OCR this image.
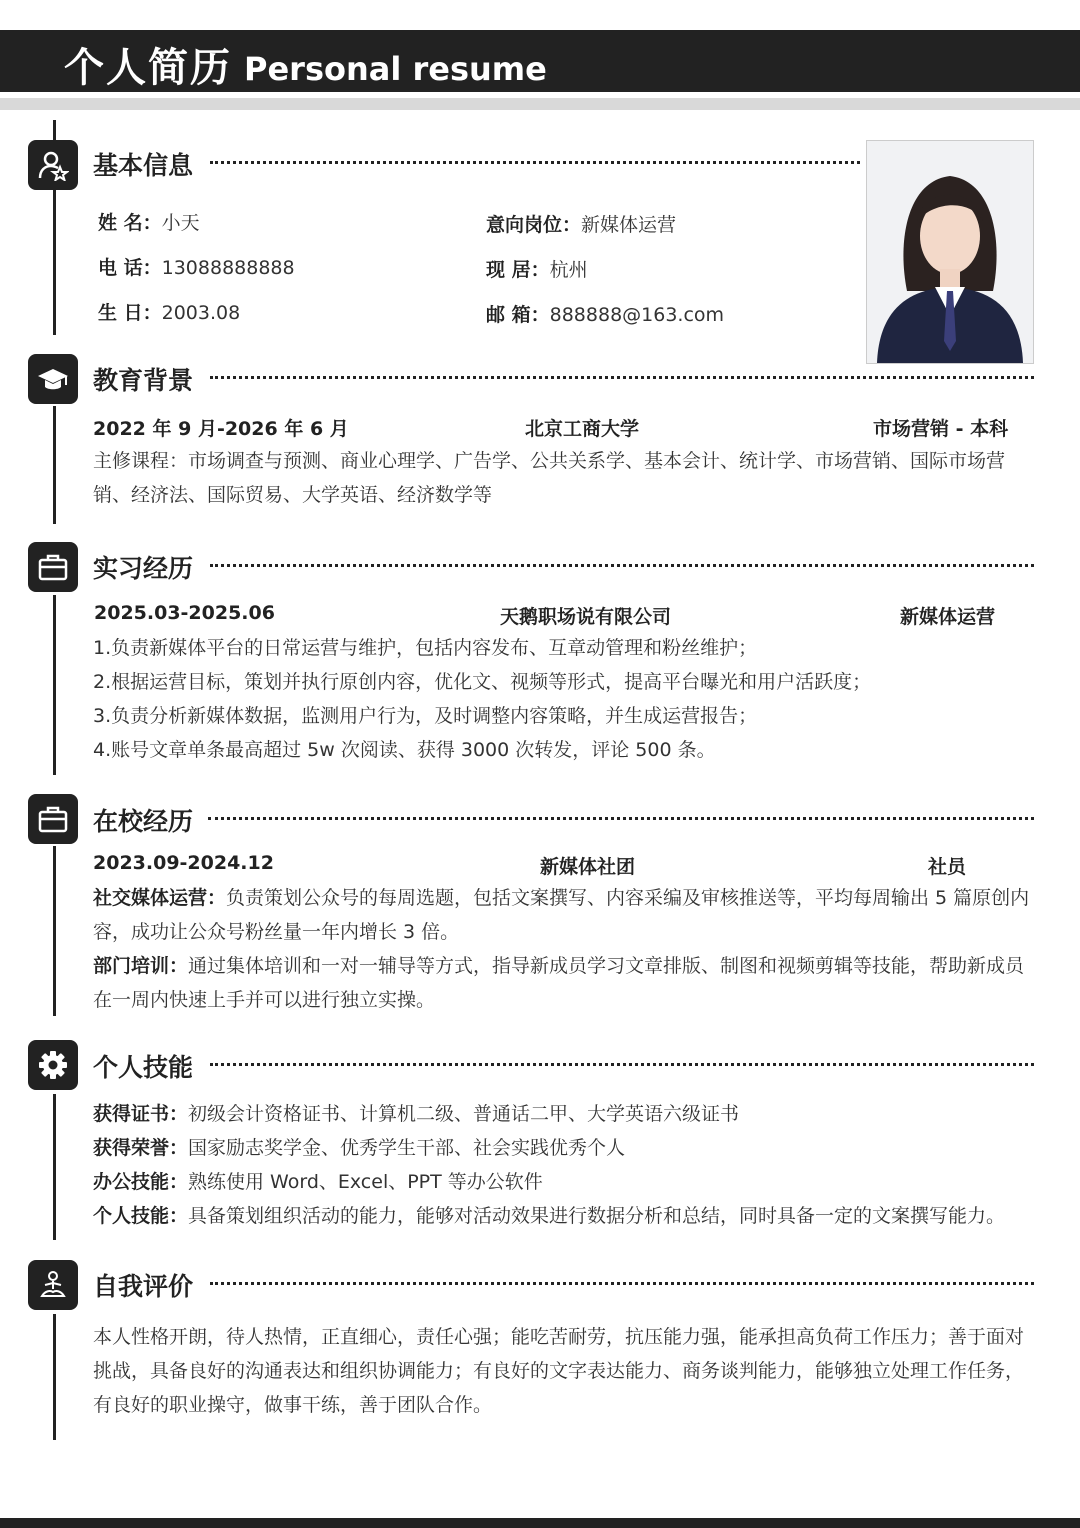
个人简历 Personal resume
基本信息
姓 名：小天
电 话：13088888888
生 日：2003.08
意向岗位：新媒体运营
现 居：杭州
邮 箱：888888@163.com
教育背景
2022 年 9 月-2026 年 6 月	北京工商大学	市场营销 - 本科
主修课程：市场调查与预测、商业心理学、广告学、公共关系学、基本会计、统计学、市场营销、国际市场营销、经济法、国际贸易、大学英语、经济数学等
实习经历
2025.03-2025.06	天鹅职场说有限公司	新媒体运营
1.负责新媒体平台的日常运营与维护，包括内容发布、互章动管理和粉丝维护；
2.根据运营目标，策划并执行原创内容，优化文、视频等形式，提高平台曝光和用户活跃度；
3.负责分析新媒体数据，监测用户行为，及时调整内容策略，并生成运营报告；
4.账号文章单条最高超过 5w 次阅读、获得 3000 次转发，评论 500 条。
在校经历
2023.09-2024.12	新媒体社团	社员
社交媒体运营：负责策划公众号的每周选题，包括文案撰写、内容采编及审核推送等，平均每周输出 5 篇原创内容，成功让公众号粉丝量一年内增长 3 倍。
部门培训：通过集体培训和一对一辅导等方式，指导新成员学习文章排版、制图和视频剪辑等技能，帮助新成员在一周内快速上手并可以进行独立实操。
个人技能
获得证书：初级会计资格证书、计算机二级、普通话二甲、大学英语六级证书
获得荣誉：国家励志奖学金、优秀学生干部、社会实践优秀个人
办公技能：熟练使用 Word、Excel、PPT 等办公软件
个人技能：具备策划组织活动的能力，能够对活动效果进行数据分析和总结，同时具备一定的文案撰写能力。
自我评价
本人性格开朗，待人热情，正直细心，责任心强；能吃苦耐劳，抗压能力强，能承担高负荷工作压力；善于面对挑战，具备良好的沟通表达和组织协调能力；有良好的文字表达能力、商务谈判能力，能够独立处理工作任务，有良好的职业操守，做事干练，善于团队合作。
